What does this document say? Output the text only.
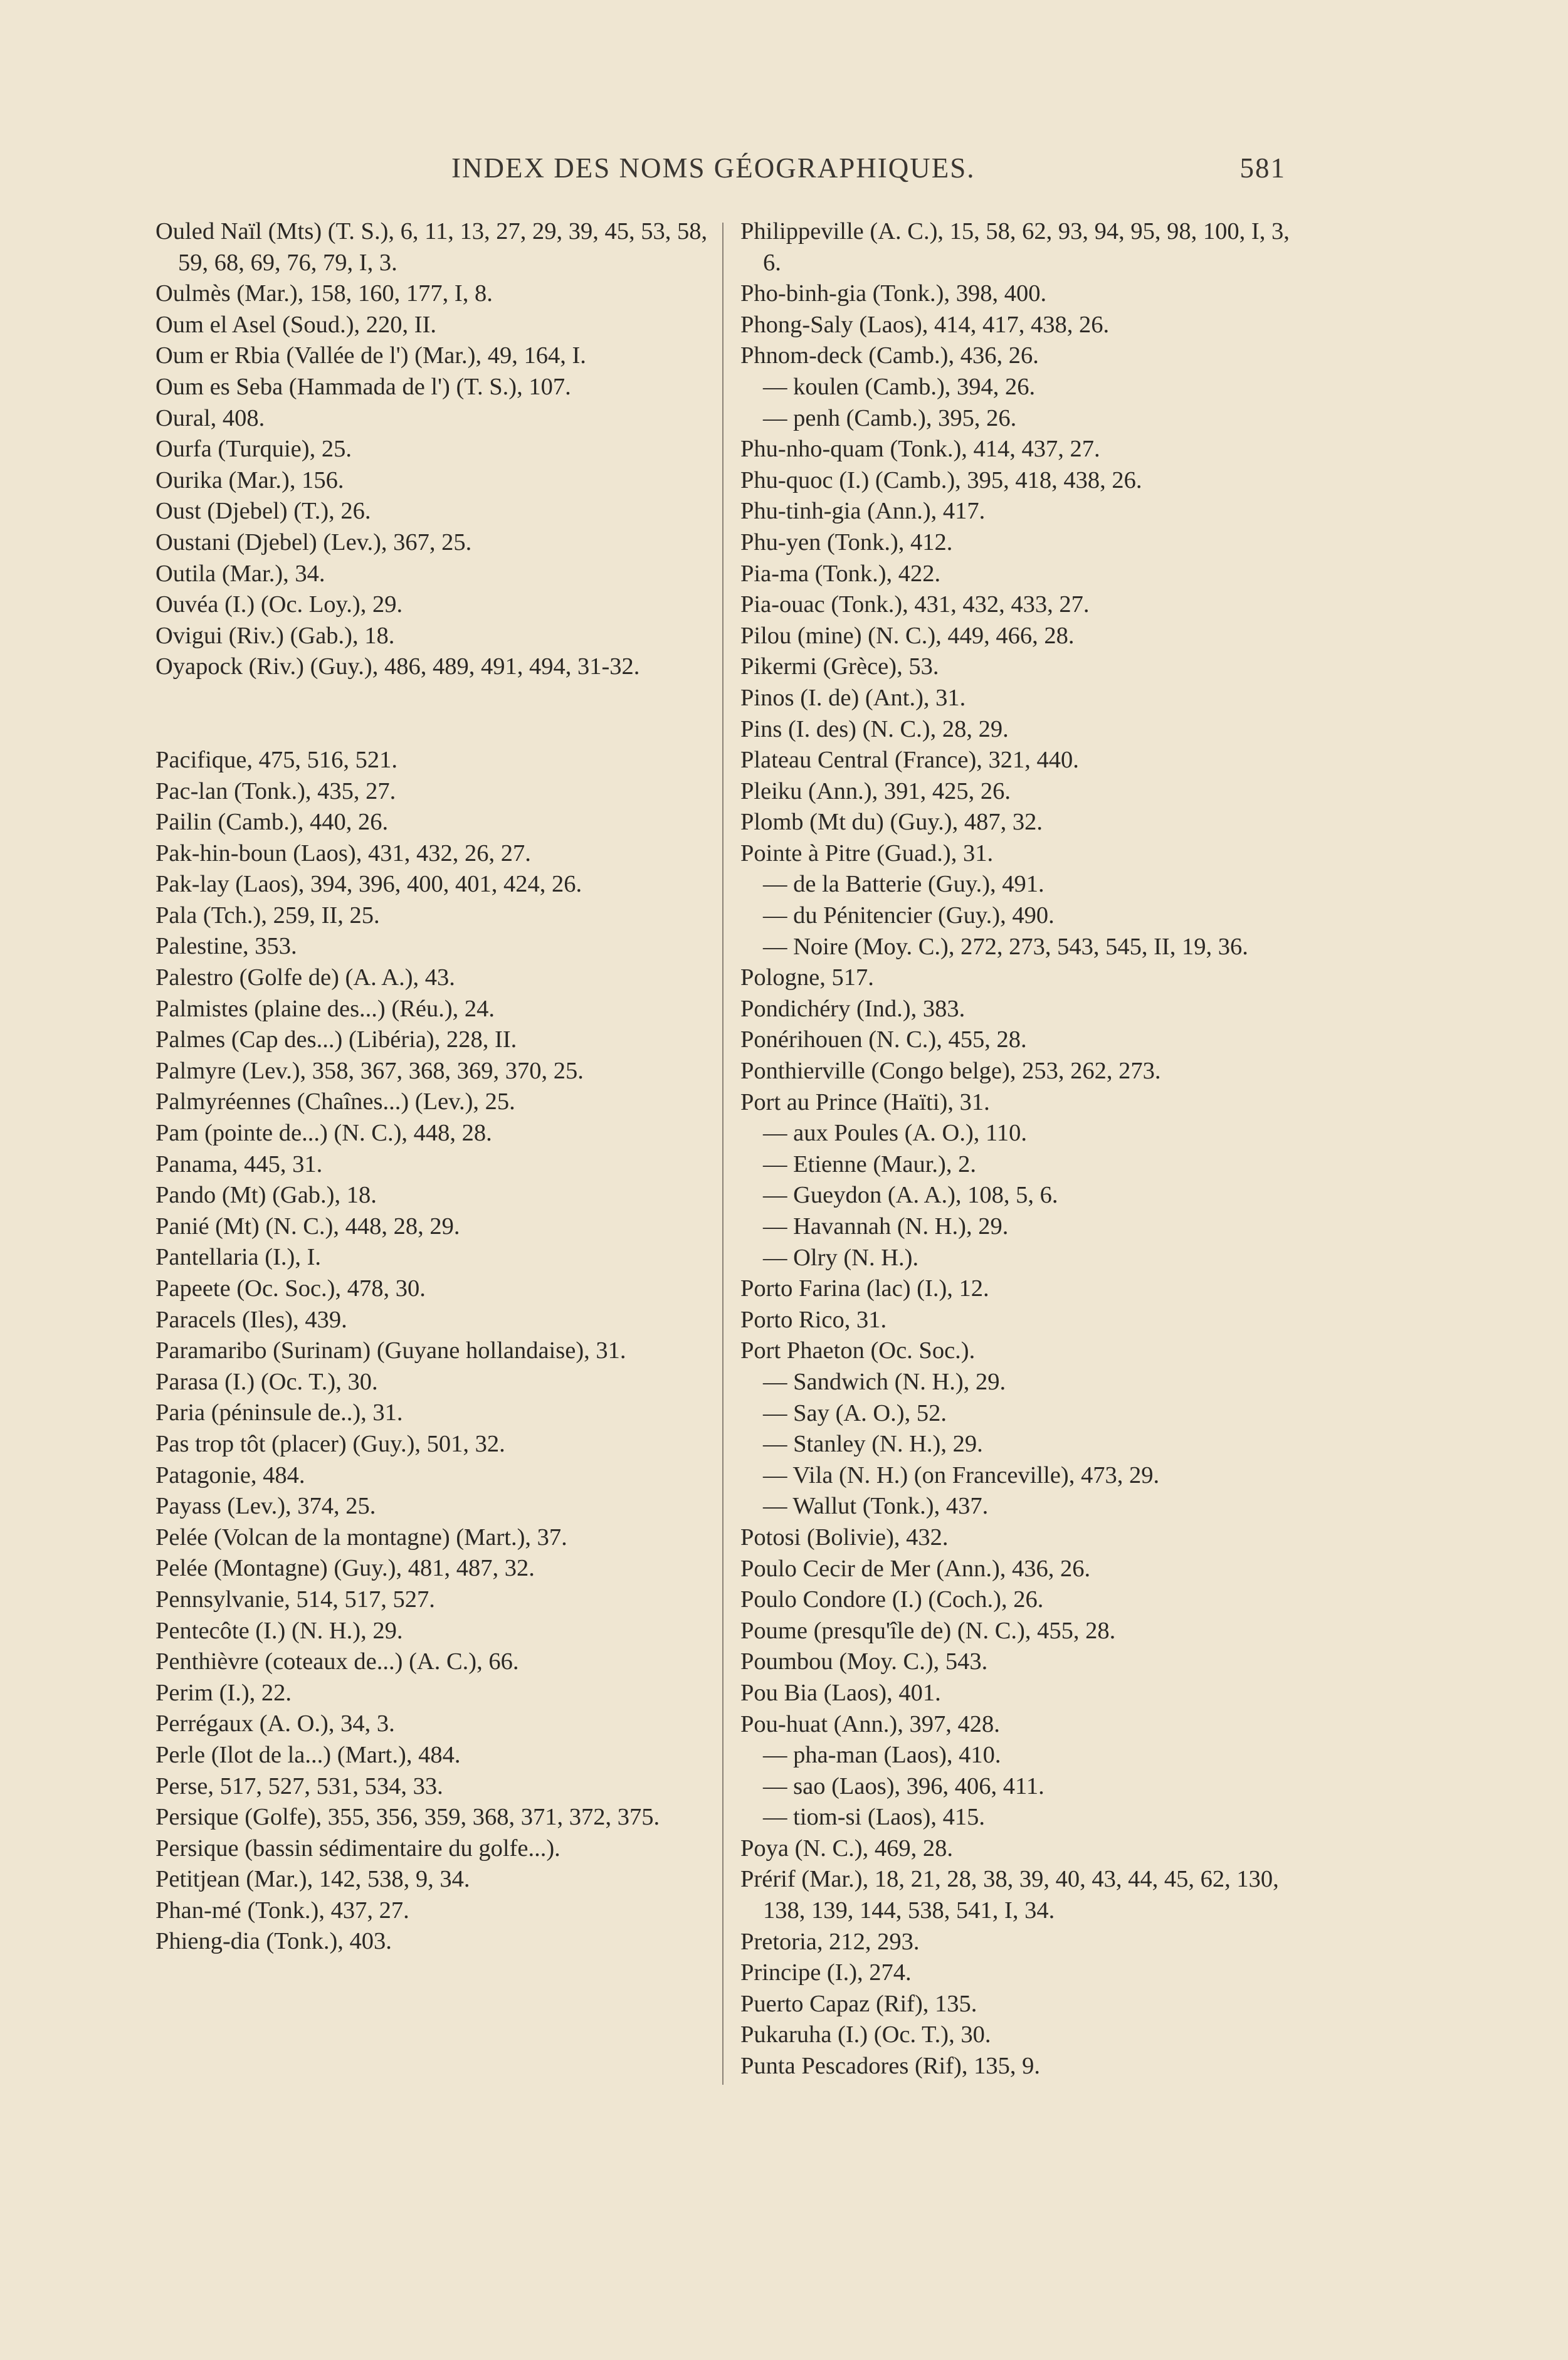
INDEX DES NOMS GÉOGRAPHIQUES.	581
Ouled Naïl (Mts) (T. S.), 6, 11, 13, 27, 29, 39, 45, 53, 58, 59, 68, 69, 76, 79, I, 3.
Oulmès (Mar.), 158, 160, 177, I, 8.
Oum el Asel (Soud.), 220, II.
Oum er Rbia (Vallée de l') (Mar.), 49, 164, I.
Oum es Seba (Hammada de l') (T. S.), 107.
Oural, 408.
Ourfa (Turquie), 25.
Ourika (Mar.), 156.
Oust (Djebel) (T.), 26.
Oustani (Djebel) (Lev.), 367, 25.
Outila (Mar.), 34.
Ouvéa (I.) (Oc. Loy.), 29.
Ovigui (Riv.) (Gab.), 18.
Oyapock (Riv.) (Guy.), 486, 489, 491, 494, 31-32.
Pacifique, 475, 516, 521.
Pac-lan (Tonk.), 435, 27.
Pailin (Camb.), 440, 26.
Pak-hin-boun (Laos), 431, 432, 26, 27.
Pak-lay (Laos), 394, 396, 400, 401, 424, 26.
Pala (Tch.), 259, II, 25.
Palestine, 353.
Palestro (Golfe de) (A. A.), 43.
Palmistes (plaine des...) (Réu.), 24.
Palmes (Cap des...) (Libéria), 228, II.
Palmyre (Lev.), 358, 367, 368, 369, 370, 25.
Palmyréennes (Chaînes...) (Lev.), 25.
Pam (pointe de...) (N. C.), 448, 28.
Panama, 445, 31.
Pando (Mt) (Gab.), 18.
Panié (Mt) (N. C.), 448, 28, 29.
Pantellaria (I.), I.
Papeete (Oc. Soc.), 478, 30.
Paracels (Iles), 439.
Paramaribo (Surinam) (Guyane hollandaise), 31.
Parasa (I.) (Oc. T.), 30.
Paria (péninsule de..), 31.
Pas trop tôt (placer) (Guy.), 501, 32.
Patagonie, 484.
Payass (Lev.), 374, 25.
Pelée (Volcan de la montagne) (Mart.), 37.
Pelée (Montagne) (Guy.), 481, 487, 32.
Pennsylvanie, 514, 517, 527.
Pentecôte (I.) (N. H.), 29.
Penthièvre (coteaux de...) (A. C.), 66.
Perim (I.), 22.
Perrégaux (A. O.), 34, 3.
Perle (Ilot de la...) (Mart.), 484.
Perse, 517, 527, 531, 534, 33.
Persique (Golfe), 355, 356, 359, 368, 371, 372, 375.
Persique (bassin sédimentaire du golfe...).
Petitjean (Mar.), 142, 538, 9, 34.
Phan-mé (Tonk.), 437, 27.
Phieng-dia (Tonk.), 403.
Philippeville (A. C.), 15, 58, 62, 93, 94, 95, 98, 100, I, 3, 6.
Pho-binh-gia (Tonk.), 398, 400.
Phong-Saly (Laos), 414, 417, 438, 26.
Phnom-deck (Camb.), 436, 26.
— koulen (Camb.), 394, 26.
— penh (Camb.), 395, 26.
Phu-nho-quam (Tonk.), 414, 437, 27.
Phu-quoc (I.) (Camb.), 395, 418, 438, 26.
Phu-tinh-gia (Ann.), 417.
Phu-yen (Tonk.), 412.
Pia-ma (Tonk.), 422.
Pia-ouac (Tonk.), 431, 432, 433, 27.
Pilou (mine) (N. C.), 449, 466, 28.
Pikermi (Grèce), 53.
Pinos (I. de) (Ant.), 31.
Pins (I. des) (N. C.), 28, 29.
Plateau Central (France), 321, 440.
Pleiku (Ann.), 391, 425, 26.
Plomb (Mt du) (Guy.), 487, 32.
Pointe à Pitre (Guad.), 31.
— de la Batterie (Guy.), 491.
— du Pénitencier (Guy.), 490.
— Noire (Moy. C.), 272, 273, 543, 545, II, 19, 36.
Pologne, 517.
Pondichéry (Ind.), 383.
Ponérihouen (N. C.), 455, 28.
Ponthierville (Congo belge), 253, 262, 273.
Port au Prince (Haïti), 31.
— aux Poules (A. O.), 110.
— Etienne (Maur.), 2.
— Gueydon (A. A.), 108, 5, 6.
— Havannah (N. H.), 29.
— Olry (N. H.).
Porto Farina (lac) (I.), 12.
Porto Rico, 31.
Port Phaeton (Oc. Soc.).
— Sandwich (N. H.), 29.
— Say (A. O.), 52.
— Stanley (N. H.), 29.
— Vila (N. H.) (on Franceville), 473, 29.
— Wallut (Tonk.), 437.
Potosi (Bolivie), 432.
Poulo Cecir de Mer (Ann.), 436, 26.
Poulo Condore (I.) (Coch.), 26.
Poume (presqu'île de) (N. C.), 455, 28.
Poumbou (Moy. C.), 543.
Pou Bia (Laos), 401.
Pou-huat (Ann.), 397, 428.
— pha-man (Laos), 410.
— sao (Laos), 396, 406, 411.
— tiom-si (Laos), 415.
Poya (N. C.), 469, 28.
Prérif (Mar.), 18, 21, 28, 38, 39, 40, 43, 44, 45, 62, 130, 138, 139, 144, 538, 541, I, 34.
Pretoria, 212, 293.
Principe (I.), 274.
Puerto Capaz (Rif), 135.
Pukaruha (I.) (Oc. T.), 30.
Punta Pescadores (Rif), 135, 9.
